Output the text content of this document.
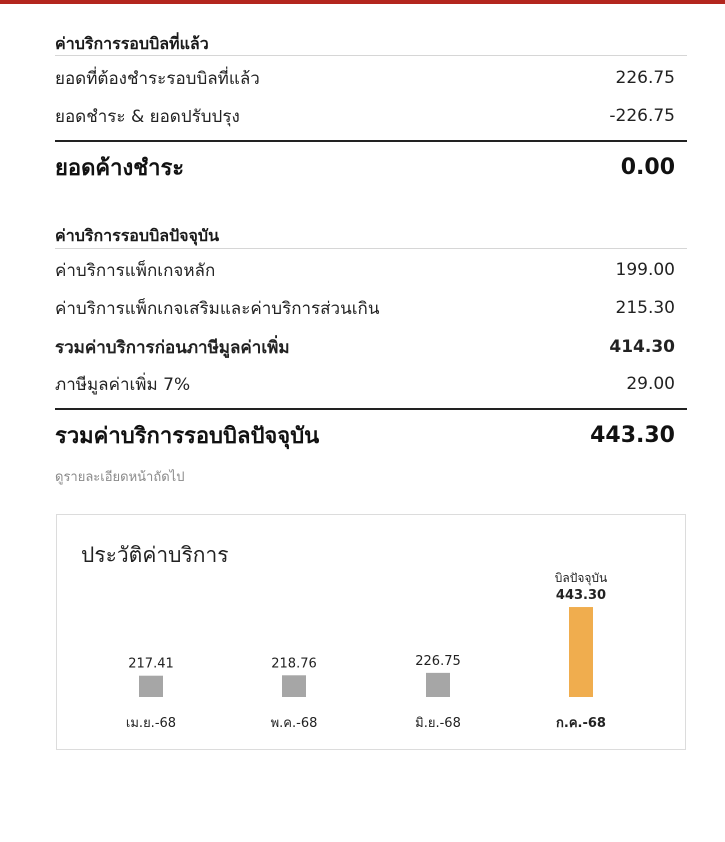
ค่าบริการรอบบิลที่แล้ว
ยอดที่ต้องชำระรอบบิลที่แล้ว	226.75
ยอดชำระ & ยอดปรับปรุง	-226.75
ยอดค้างชำระ	0.00
ค่าบริการรอบบิลปัจจุบัน
ค่าบริการแพ็กเกจหลัก	199.00
ค่าบริการแพ็กเกจเสริมและค่าบริการส่วนเกิน	215.30
รวมค่าบริการก่อนภาษีมูลค่าเพิ่ม	414.30
ภาษีมูลค่าเพิ่ม 7%	29.00
รวมค่าบริการรอบบิลปัจจุบัน	443.30
ดูรายละเอียดหน้าถัดไป
ประวัติค่าบริการ
217.41
เม.ย.-68
218.76
พ.ค.-68
226.75
มิ.ย.-68
443.30
บิลปัจจุบัน
ก.ค.-68
